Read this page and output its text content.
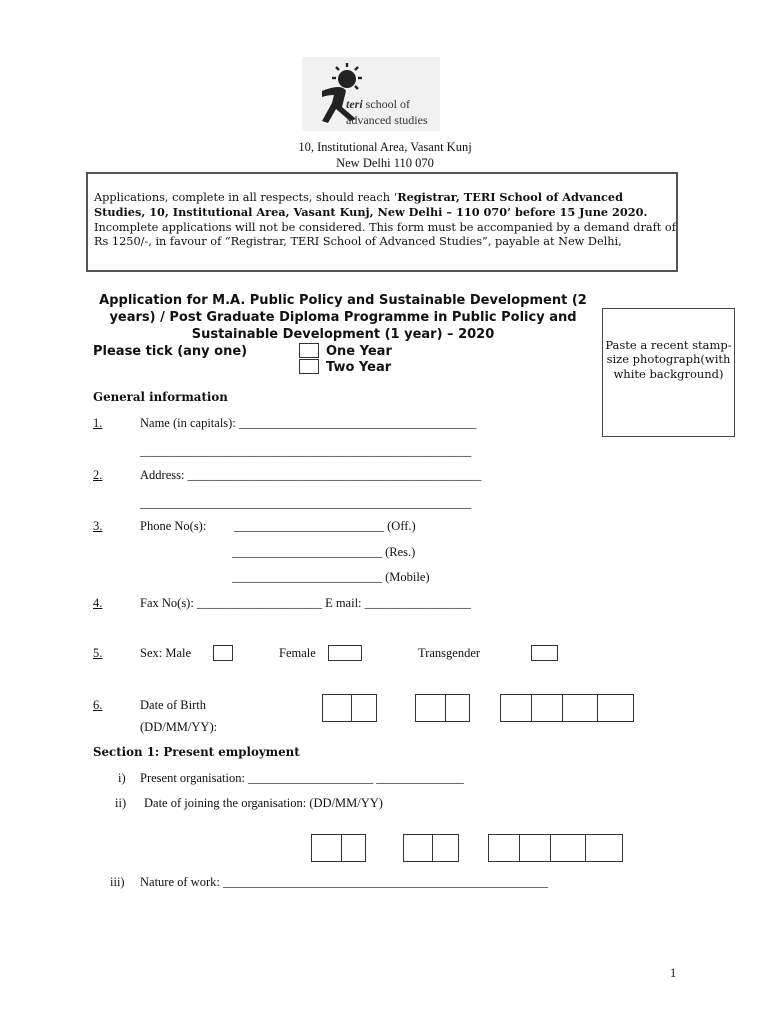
teri school of
advanced studies
10, Institutional Area, Vasant Kunj
New Delhi 110 070
Applications, complete in all respects, should reach ‘Registrar, TERI School of Advanced Studies, 10, Institutional Area, Vasant Kunj, New Delhi – 110 070’ before 15 June 2020. Incomplete applications will not be considered. This form must be accompanied by a demand draft of Rs 1250/-, in favour of “Registrar, TERI School of Advanced Studies”, payable at New Delhi,
Application for M.A. Public Policy and Sustainable Development (2
years) / Post Graduate Diploma Programme in Public Policy and
Sustainable Development (1 year) – 2020
Please tick (any one)	One Year
Two Year
Paste a recent stamp-size photograph(with white background)
General information
1.	Name (in capitals): ______________________________________
_____________________________________________________
2.	Address: _______________________________________________
_____________________________________________________
3.	Phone No(s): ________________________ (Off.)
________________________ (Res.)
________________________ (Mobile)
4.	Fax No(s): ____________________ E mail: _________________
5.	Sex: Male	Female	Transgender
6.	Date of Birth
(DD/MM/YY):
Section 1: Present employment
i) Present organisation: ____________________ ______________
ii) Date of joining the organisation: (DD/MM/YY)
iii) Nature of work: ____________________________________________________
1
